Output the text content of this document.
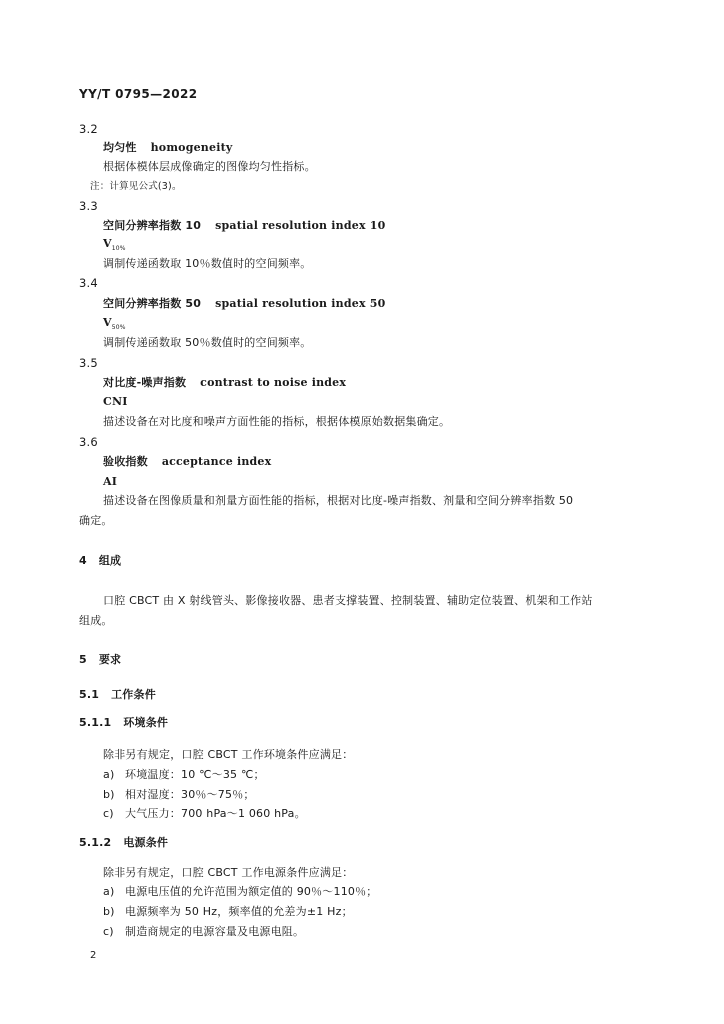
YY/T 0795—2022
3.2
均匀性 homogeneity
根据体模体层成像确定的图像均匀性指标。
注：计算见公式(3)。
3.3
空间分辨率指数 10 spatial resolution index 10
$V_{10\%}$
调制传递函数取 10％数值时的空间频率。
3.4
空间分辨率指数 50 spatial resolution index 50
$V_{50\%}$
调制传递函数取 50％数值时的空间频率。
3.5
对比度-噪声指数 contrast to noise index
CNI
描述设备在对比度和噪声方面性能的指标，根据体模原始数据集确定。
3.6
验收指数 acceptance index
AI
描述设备在图像质量和剂量方面性能的指标，根据对比度-噪声指数、剂量和空间分辨率指数 50
确定。
4 组成
口腔 CBCT 由 X 射线管头、影像接收器、患者支撑装置、控制装置、辅助定位装置、机架和工作站
组成。
5 要求
5.1 工作条件
5.1.1 环境条件
除非另有规定，口腔 CBCT 工作环境条件应满足：
a) 环境温度：10 ℃～35 ℃；
b) 相对湿度：30％～75％；
c) 大气压力：700 hPa～1 060 hPa。
5.1.2 电源条件
除非另有规定，口腔 CBCT 工作电源条件应满足：
a) 电源电压值的允许范围为额定值的 90％～110％；
b) 电源频率为 50 Hz，频率值的允差为±1 Hz；
c) 制造商规定的电源容量及电源电阻。
2
